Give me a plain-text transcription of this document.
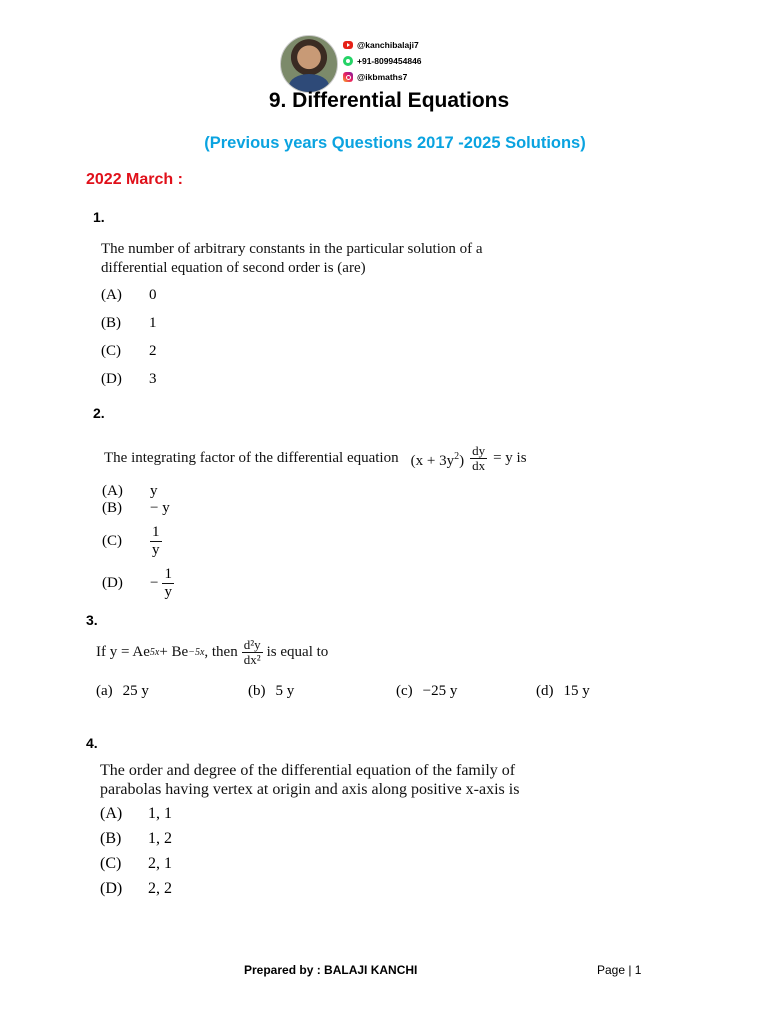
@kanchibalaji7
+91-8099454846
@ikbmaths7
9. Differential Equations
(Previous years Questions 2017 -2025 Solutions)
2022 March :
1.
The number of arbitrary constants in the particular solution of a
differential equation of second order is (are)
(A)	0
(B)	1
(C)	2
(D)	3
2.
The integrating factor of the differential equation $(x + 3y^2) \frac{dy}{dx} = y$ is
(A)	y
(B)	− y
(C)	$\frac{1}{y}$
(D)	− $\frac{1}{y}$
3.
If y = Ae 5x + Be −5x , then $\frac{\text{d²y}}{\text{dx²}}$ is equal to
(a) 25 y	(b) 5 y	(c) −25 y	(d) 15 y
4.
The order and degree of the differential equation of the family of
parabolas having vertex at origin and axis along positive x-axis is
(A)	1, 1
(B)	1, 2
(C)	2, 1
(D)	2, 2
Prepared by : BALAJI KANCHI	Page | 1
